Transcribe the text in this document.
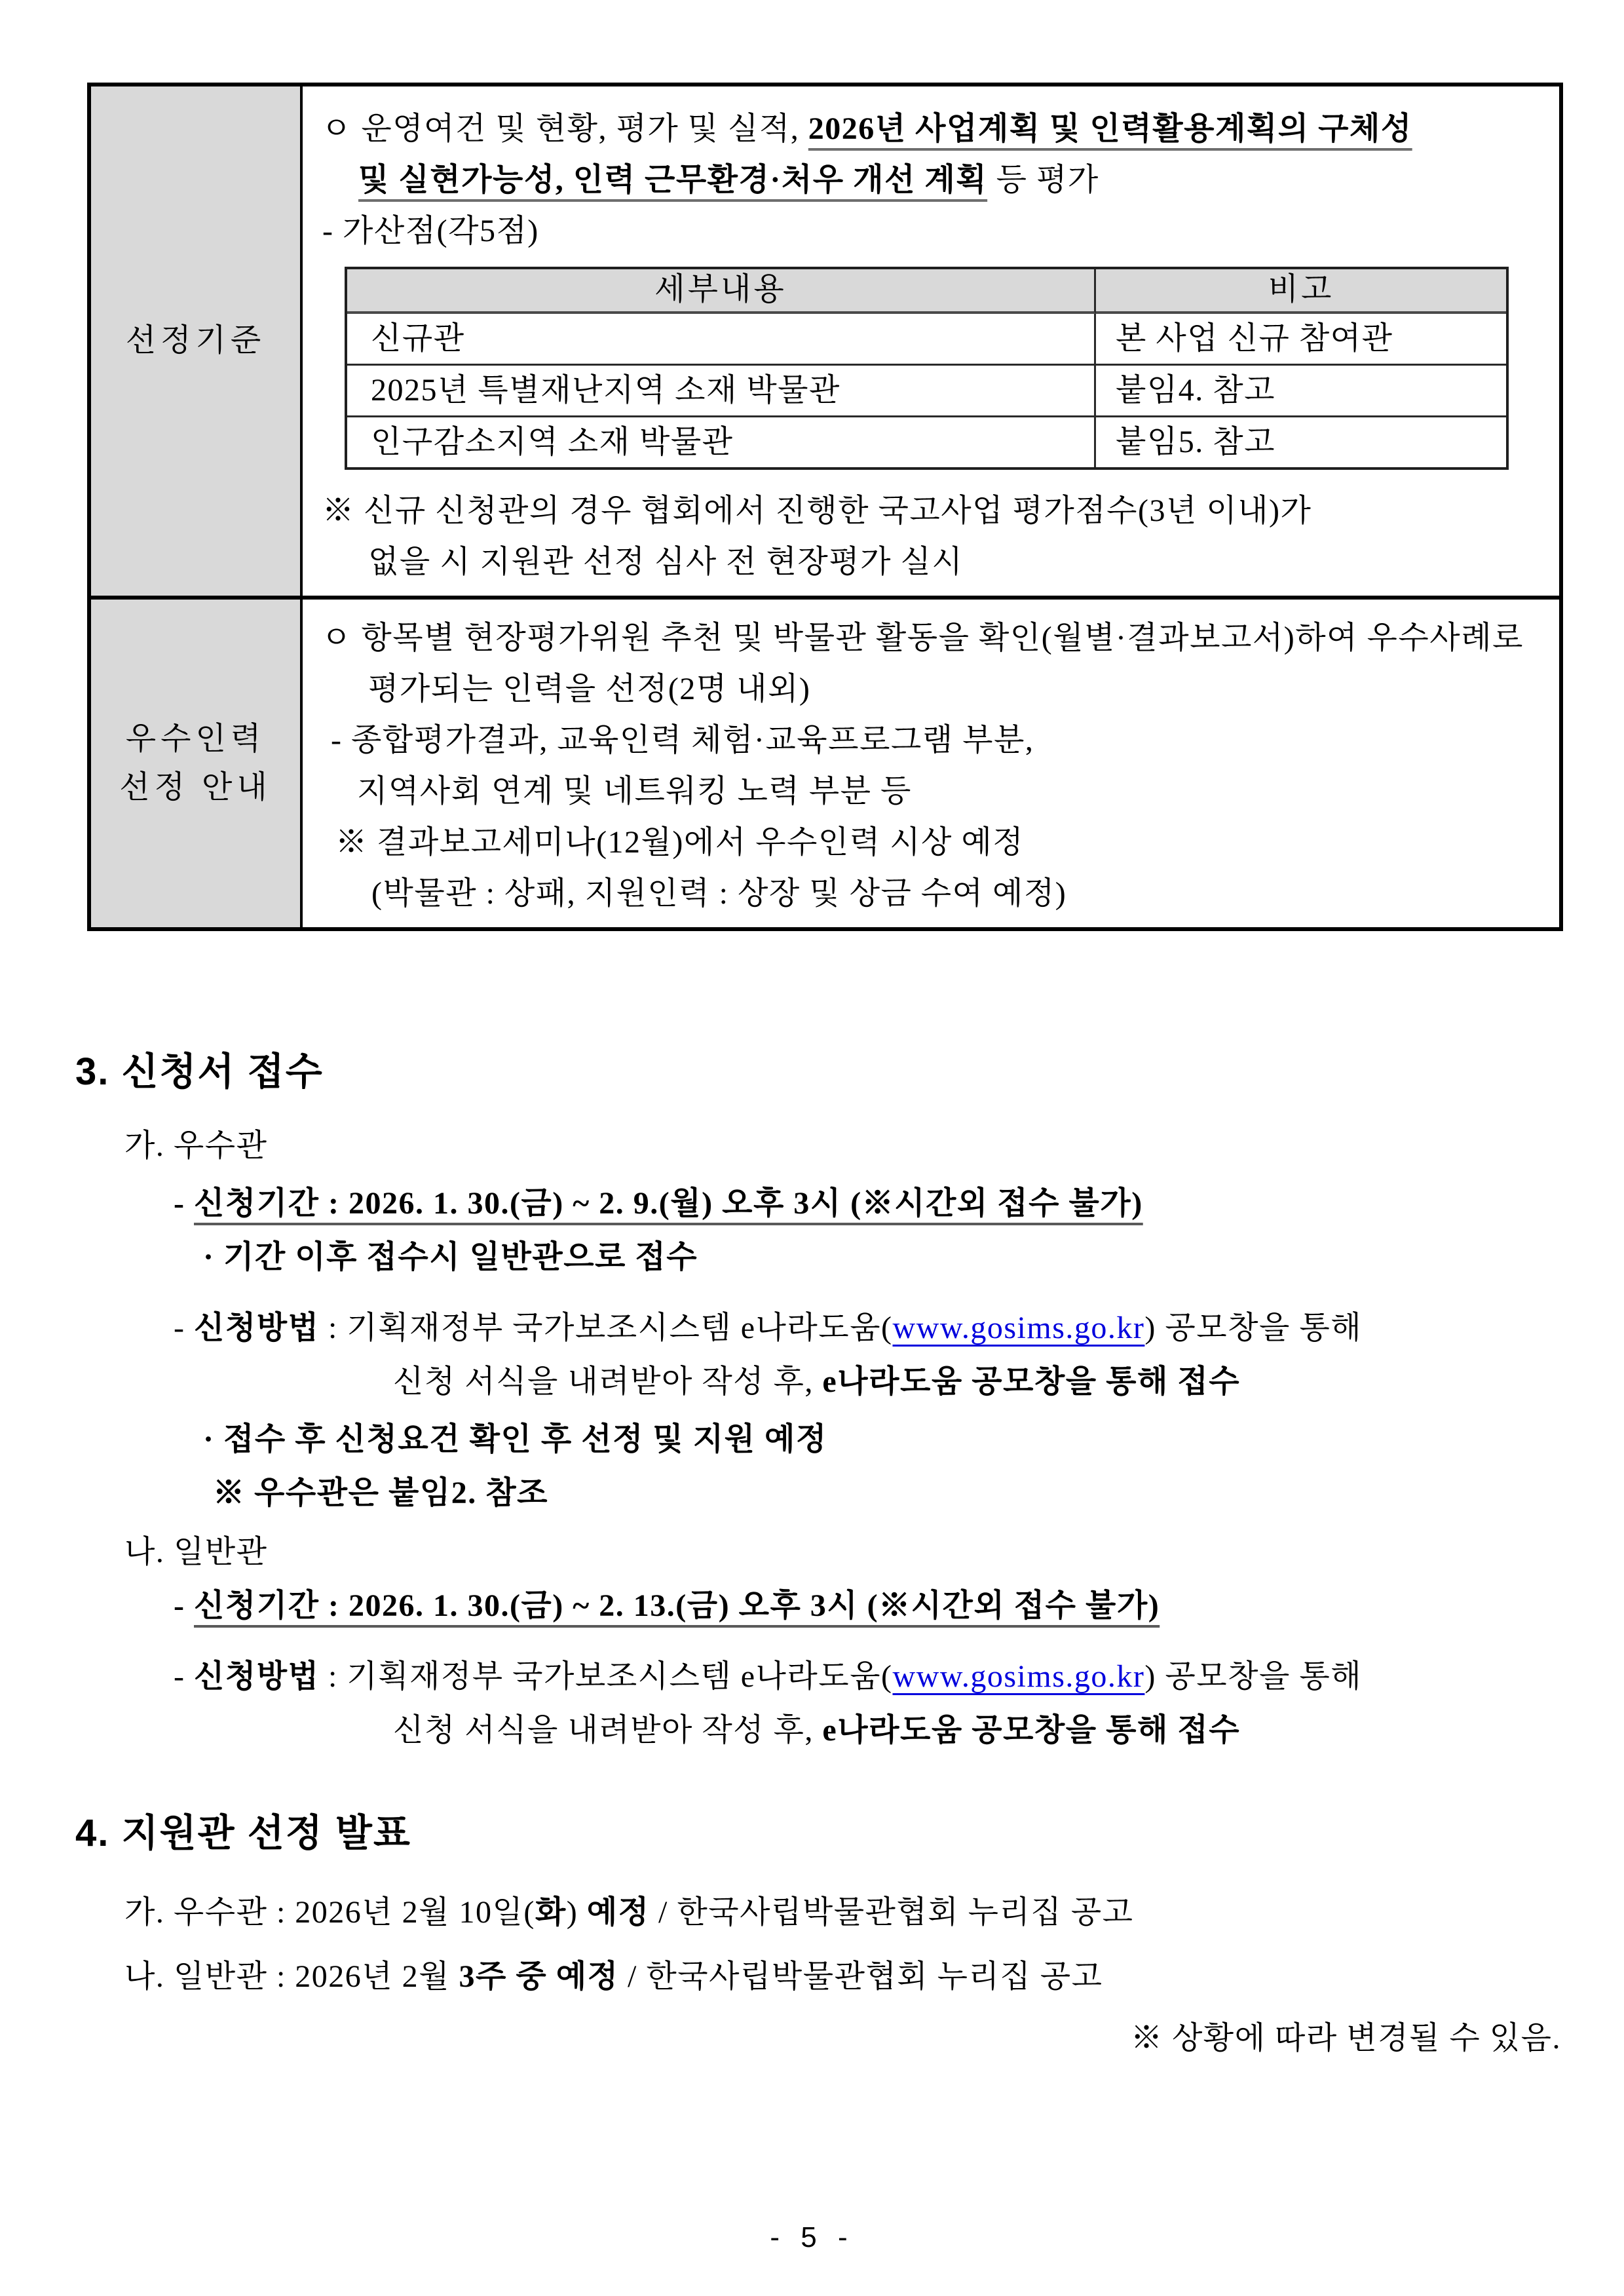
선정기준

ㅇ 운영여건 및 현황, 평가 및 실적, 2026년 사업계획 및 인력활용계획의 구체성

및 실현가능성, 인력 근무환경·처우 개선 계획 등 평가

- 가산점(각5점)

세부내용	비고
신규관	본 사업 신규 참여관
2025년 특별재난지역 소재 박물관	붙임4. 참고
인구감소지역 소재 박물관	붙임5. 참고

※ 신규 신청관의 경우 협회에서 진행한 국고사업 평가점수(3년 이내)가

없을 시 지원관 선정 심사 전 현장평가 실시

우수인력
선정 안내

ㅇ 항목별 현장평가위원 추천 및 박물관 활동을 확인(월별·결과보고서)하여 우수사례로

평가되는 인력을 선정(2명 내외)

- 종합평가결과, 교육인력 체험·교육프로그램 부분,

지역사회 연계 및 네트워킹 노력 부분 등

※ 결과보고세미나(12월)에서 우수인력 시상 예정

(박물관 : 상패, 지원인력 : 상장 및 상금 수여 예정)

3. 신청서 접수

가. 우수관

- 신청기간 : 2026. 1. 30.(금) ~ 2. 9.(월) 오후 3시 (※시간외 접수 불가)

· 기간 이후 접수시 일반관으로 접수

- 신청방법 : 기획재정부 국가보조시스템 e나라도움(www.gosims.go.kr) 공모창을 통해

신청 서식을 내려받아 작성 후, e나라도움 공모창을 통해 접수

· 접수 후 신청요건 확인 후 선정 및 지원 예정

※ 우수관은 붙임2. 참조

나. 일반관

- 신청기간 : 2026. 1. 30.(금) ~ 2. 13.(금) 오후 3시 (※시간외 접수 불가)

- 신청방법 : 기획재정부 국가보조시스템 e나라도움(www.gosims.go.kr) 공모창을 통해

신청 서식을 내려받아 작성 후, e나라도움 공모창을 통해 접수

4. 지원관 선정 발표

가. 우수관 : 2026년 2월 10일(화) 예정 / 한국사립박물관협회 누리집 공고

나. 일반관 : 2026년 2월 3주 중 예정 / 한국사립박물관협회 누리집 공고

※ 상황에 따라 변경될 수 있음.

- 5 -
